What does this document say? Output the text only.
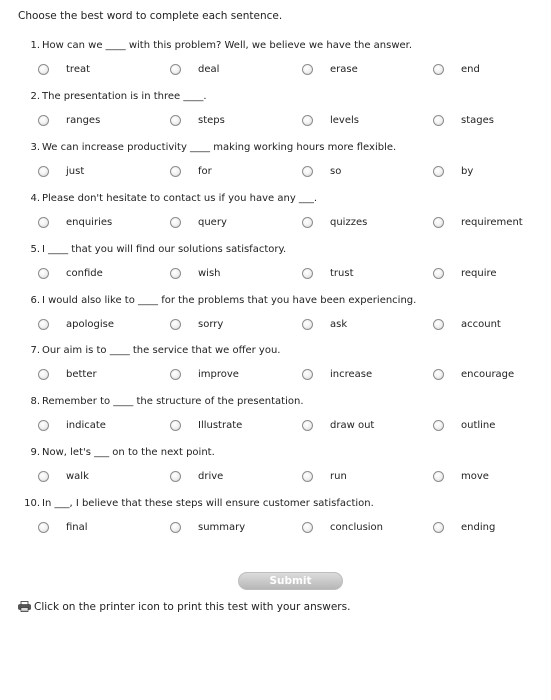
Choose the best word to complete each sentence.
1. How can we ____ with this problem? Well, we believe we have the answer.
treat	deal	erase	end
2. The presentation is in three ____.
ranges	steps	levels	stages
3. We can increase productivity ____ making working hours more flexible.
just	for	so	by
4. Please don't hesitate to contact us if you have any ___.
enquiries	query	quizzes	requirement
5. I ____ that you will find our solutions satisfactory.
confide	wish	trust	require
6. I would also like to ____ for the problems that you have been experiencing.
apologise	sorry	ask	account
7. Our aim is to ____ the service that we offer you.
better	improve	increase	encourage
8. Remember to ____ the structure of the presentation.
indicate	Illustrate	draw out	outline
9. Now, let's ___ on to the next point.
walk	drive	run	move
10. In ___, I believe that these steps will ensure customer satisfaction.
final	summary	conclusion	ending
Submit
Click on the printer icon to print this test with your answers.
